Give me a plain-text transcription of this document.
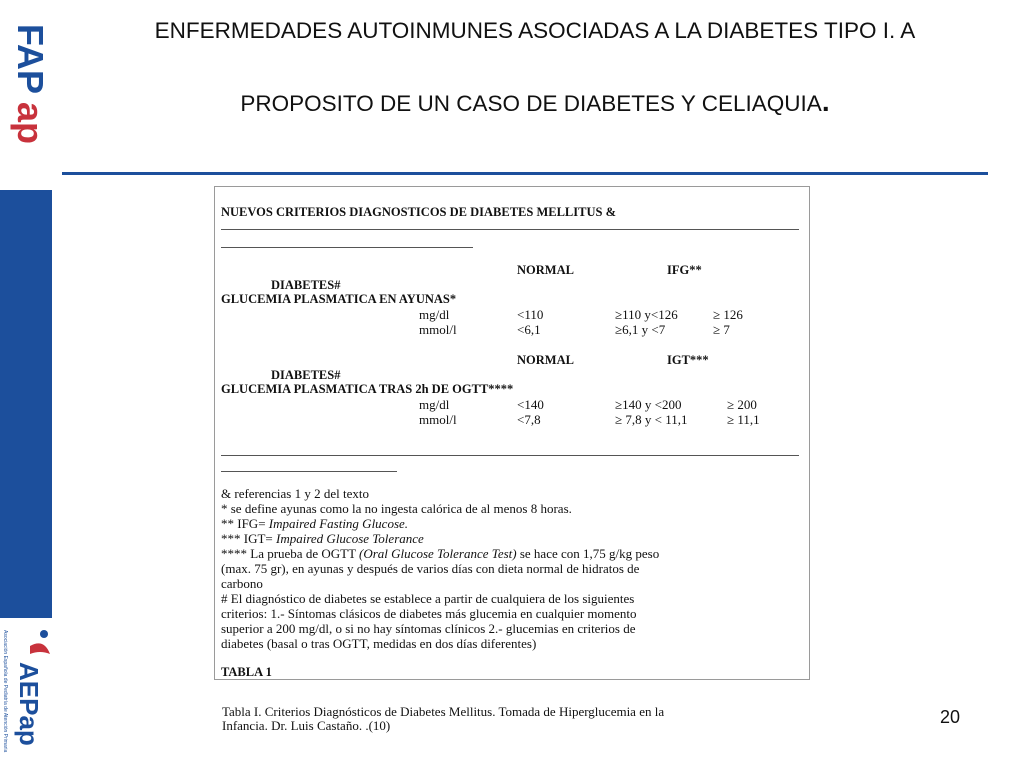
FAP
ap
Asociación Española de Pediatría de Atención Primaria AEPap
ENFERMEDADES AUTOINMUNES ASOCIADAS A LA DIABETES TIPO I. A
PROPOSITO DE UN CASO DE DIABETES Y CELIAQUIA.
NUEVOS CRITERIOS DIAGNOSTICOS DE DIABETES MELLITUS &
NORMAL	IFG**
DIABETES#
GLUCEMIA PLASMATICA EN AYUNAS*
mg/dl	<110	≥110 y<126	≥ 126
mmol/l	<6,1	≥6,1 y <7	≥ 7
NORMAL	IGT***
DIABETES#
GLUCEMIA PLASMATICA TRAS 2h DE OGTT****
mg/dl	<140	≥140 y <200	≥ 200
mmol/l	<7,8	≥ 7,8 y < 11,1	≥ 11,1
& referencias 1 y 2 del texto
* se define ayunas como la no ingesta calórica de al menos 8 horas.
** IFG= Impaired Fasting Glucose.
*** IGT= Impaired Glucose Tolerance
**** La prueba de OGTT (Oral Glucose Tolerance Test) se hace con 1,75 g/kg peso
(max. 75 gr), en ayunas y después de varios días con dieta normal de hidratos de
carbono
# El diagnóstico de diabetes se establece a partir de cualquiera de los siguientes
criterios: 1.- Síntomas clásicos de diabetes más glucemia en cualquier momento
superior a 200 mg/dl, o si no hay síntomas clínicos 2.- glucemias en criterios de
diabetes (basal o tras OGTT, medidas en dos días diferentes)
TABLA 1
Tabla I. Criterios Diagnósticos de Diabetes Mellitus. Tomada de Hiperglucemia en la
Infancia. Dr. Luis Castaño. .(10)	20
